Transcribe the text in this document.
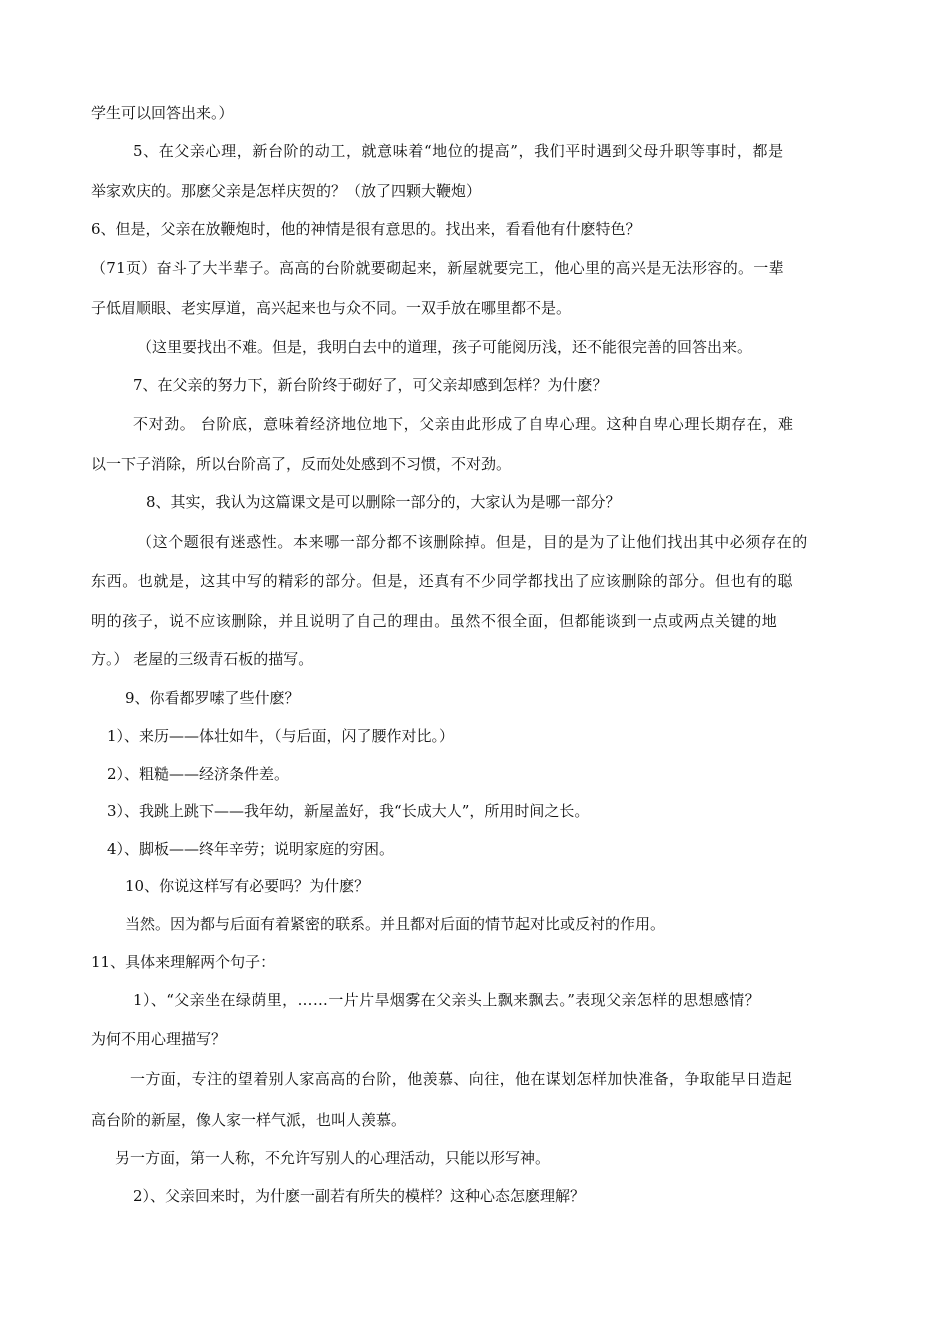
学生可以回答出来。）
5、在父亲心理，新台阶的动工，就意味着“地位的提高”，我们平时遇到父母升职等事时，都是
举家欢庆的。那麽父亲是怎样庆贺的？（放了四颗大鞭炮）
6、但是，父亲在放鞭炮时，他的神情是很有意思的。找出来，看看他有什麽特色？
（71页）奋斗了大半辈子。高高的台阶就要砌起来，新屋就要完工，他心里的高兴是无法形容的。一辈
子低眉顺眼、老实厚道，高兴起来也与众不同。一双手放在哪里都不是。
（这里要找出不难。但是，我明白去中的道理，孩子可能阅历浅，还不能很完善的回答出来。
7、在父亲的努力下，新台阶终于砌好了，可父亲却感到怎样？为什麽？
不对劲。 台阶底，意味着经济地位地下，父亲由此形成了自卑心理。这种自卑心理长期存在，难
以一下子消除，所以台阶高了，反而处处感到不习惯，不对劲。
8、其实，我认为这篇课文是可以删除一部分的，大家认为是哪一部分？
（这个题很有迷惑性。本来哪一部分都不该删除掉。但是，目的是为了让他们找出其中必须存在的
东西。也就是，这其中写的精彩的部分。但是，还真有不少同学都找出了应该删除的部分。但也有的聪
明的孩子，说不应该删除，并且说明了自己的理由。虽然不很全面，但都能谈到一点或两点关键的地
方。） 老屋的三级青石板的描写。
9、你看都罗嗦了些什麽？
1）、来历——体壮如牛，（与后面，闪了腰作对比。）
2）、粗糙——经济条件差。
3）、我跳上跳下——我年幼，新屋盖好，我“长成大人”，所用时间之长。
4）、脚板——终年辛劳；说明家庭的穷困。
10、你说这样写有必要吗？为什麽？
当然。因为都与后面有着紧密的联系。并且都对后面的情节起对比或反衬的作用。
11、具体来理解两个句子：
1）、“父亲坐在绿荫里，……一片片旱烟雾在父亲头上飘来飘去。”表现父亲怎样的思想感情？
为何不用心理描写？
一方面，专注的望着别人家高高的台阶，他羡慕、向往，他在谋划怎样加快准备，争取能早日造起
高台阶的新屋，像人家一样气派，也叫人羡慕。
另一方面，第一人称，不允许写别人的心理活动，只能以形写神。
2）、父亲回来时，为什麽一副若有所失的模样？这种心态怎麽理解？
